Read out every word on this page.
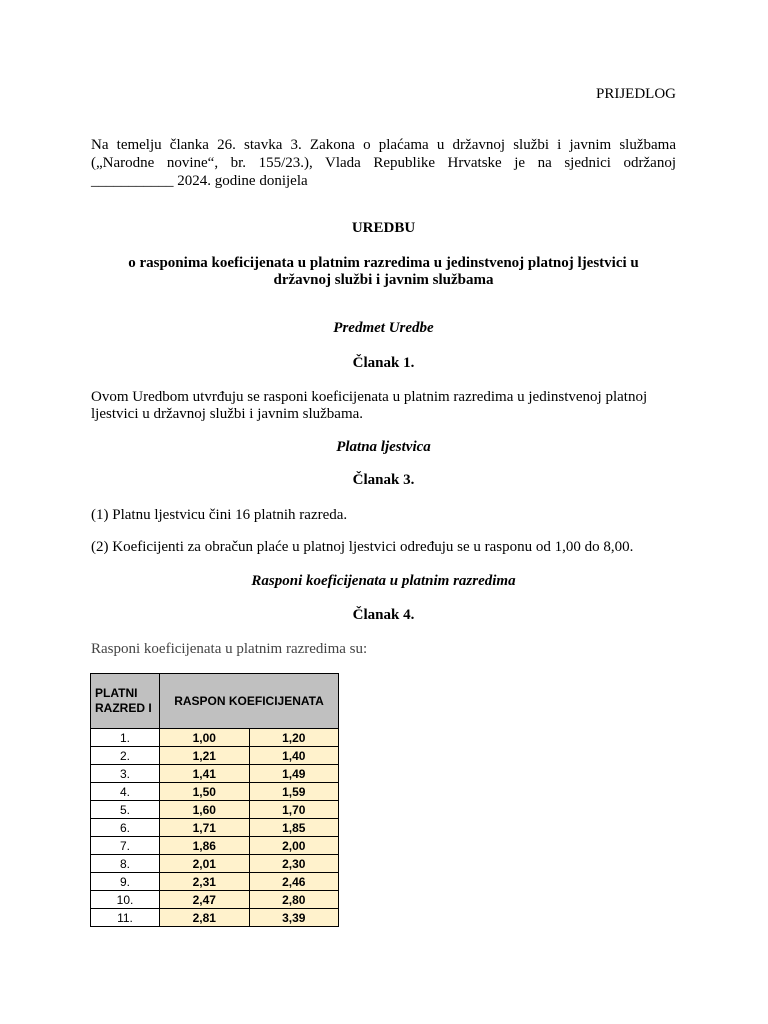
PRIJEDLOG
Na temelju članka 26. stavka 3. Zakona o plaćama u državnoj službi i javnim službama
(„Narodne novine“, br. 155/23.), Vlada Republike Hrvatske je na sjednici održanoj
___________ 2024. godine donijela
UREDBU
o rasponima koeficijenata u platnim razredima u jedinstvenoj platnoj ljestvici u
državnoj službi i javnim službama
Predmet Uredbe
Članak 1.
Ovom Uredbom utvrđuju se rasponi koeficijenata u platnim razredima u jedinstvenoj platnoj
ljestvici u državnoj službi i javnim službama.
Platna ljestvica
Članak 3.
(1) Platnu ljestvicu čini 16 platnih razreda.
(2) Koeficijenti za obračun plaće u platnoj ljestvici određuju se u rasponu od 1,00 do 8,00.
Rasponi koeficijenata u platnim razredima
Članak 4.
Rasponi koeficijenata u platnim razredima su:
PLATNI RAZRED I	RASPON KOEFICIJENATA	
1.	1,00	1,20
2.	1,21	1,40
3.	1,41	1,49
4.	1,50	1,59
5.	1,60	1,70
6.	1,71	1,85
7.	1,86	2,00
8.	2,01	2,30
9.	2,31	2,46
10.	2,47	2,80
11.	2,81	3,39
